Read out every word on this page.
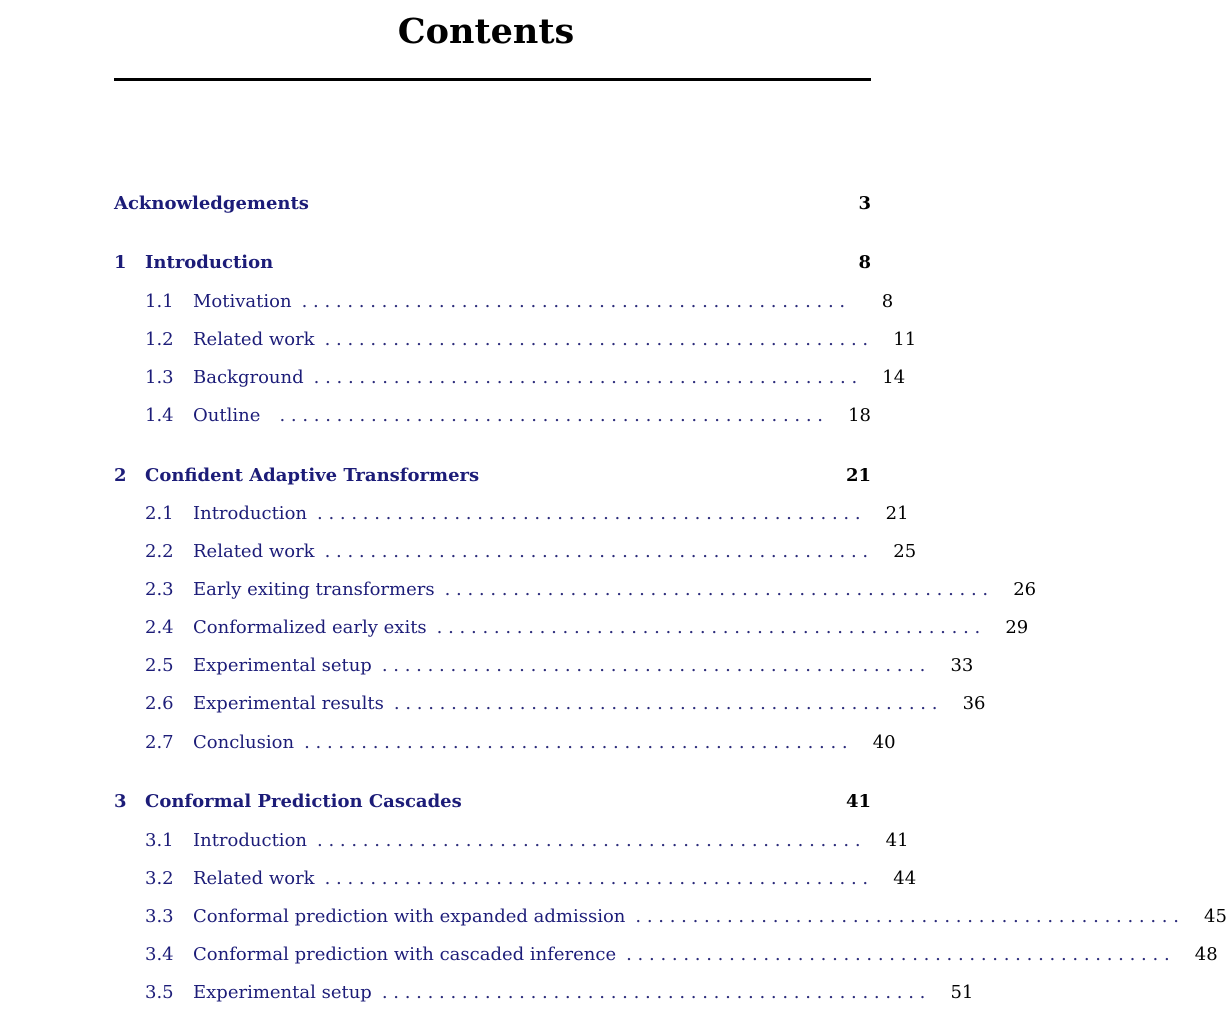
Contents
Acknowledgements	3
1	Introduction	8
1.1	Motivation . . . . . . . . . . . . . . . . . . . . . . . . . . . . . . . . . . . . . . . . . . . . . . . .	8
1.2	Related work . . . . . . . . . . . . . . . . . . . . . . . . . . . . . . . . . . . . . . . . . . . . . . . .	11
1.3	Background . . . . . . . . . . . . . . . . . . . . . . . . . . . . . . . . . . . . . . . . . . . . . . . .	14
1.4	Outline	. . . . . . . . . . . . . . . . . . . . . . . . . . . . . . . . . . . . . . . . . . . . . . . .	18
2	Confident Adaptive Transformers	21
2.1	Introduction . . . . . . . . . . . . . . . . . . . . . . . . . . . . . . . . . . . . . . . . . . . . . . . .	21
2.2	Related work . . . . . . . . . . . . . . . . . . . . . . . . . . . . . . . . . . . . . . . . . . . . . . . .	25
2.3	Early exiting transformers . . . . . . . . . . . . . . . . . . . . . . . . . . . . . . . . . . . . . . . . . . . . . . . .	26
2.4	Conformalized early exits . . . . . . . . . . . . . . . . . . . . . . . . . . . . . . . . . . . . . . . . . . . . . . . .	29
2.5	Experimental setup . . . . . . . . . . . . . . . . . . . . . . . . . . . . . . . . . . . . . . . . . . . . . . . .	33
2.6	Experimental results . . . . . . . . . . . . . . . . . . . . . . . . . . . . . . . . . . . . . . . . . . . . . . . .	36
2.7	Conclusion . . . . . . . . . . . . . . . . . . . . . . . . . . . . . . . . . . . . . . . . . . . . . . . .	40
3	Conformal Prediction Cascades	41
3.1	Introduction . . . . . . . . . . . . . . . . . . . . . . . . . . . . . . . . . . . . . . . . . . . . . . . .	41
3.2	Related work . . . . . . . . . . . . . . . . . . . . . . . . . . . . . . . . . . . . . . . . . . . . . . . .	44
3.3	Conformal prediction with expanded admission . . . . . . . . . . . . . . . . . . . . . . . . . . . . . . . . . . . . . . . . . . . . . . . .	45
3.4	Conformal prediction with cascaded inference . . . . . . . . . . . . . . . . . . . . . . . . . . . . . . . . . . . . . . . . . . . . . . . .	48
3.5	Experimental setup . . . . . . . . . . . . . . . . . . . . . . . . . . . . . . . . . . . . . . . . . . . . . . . .	51
